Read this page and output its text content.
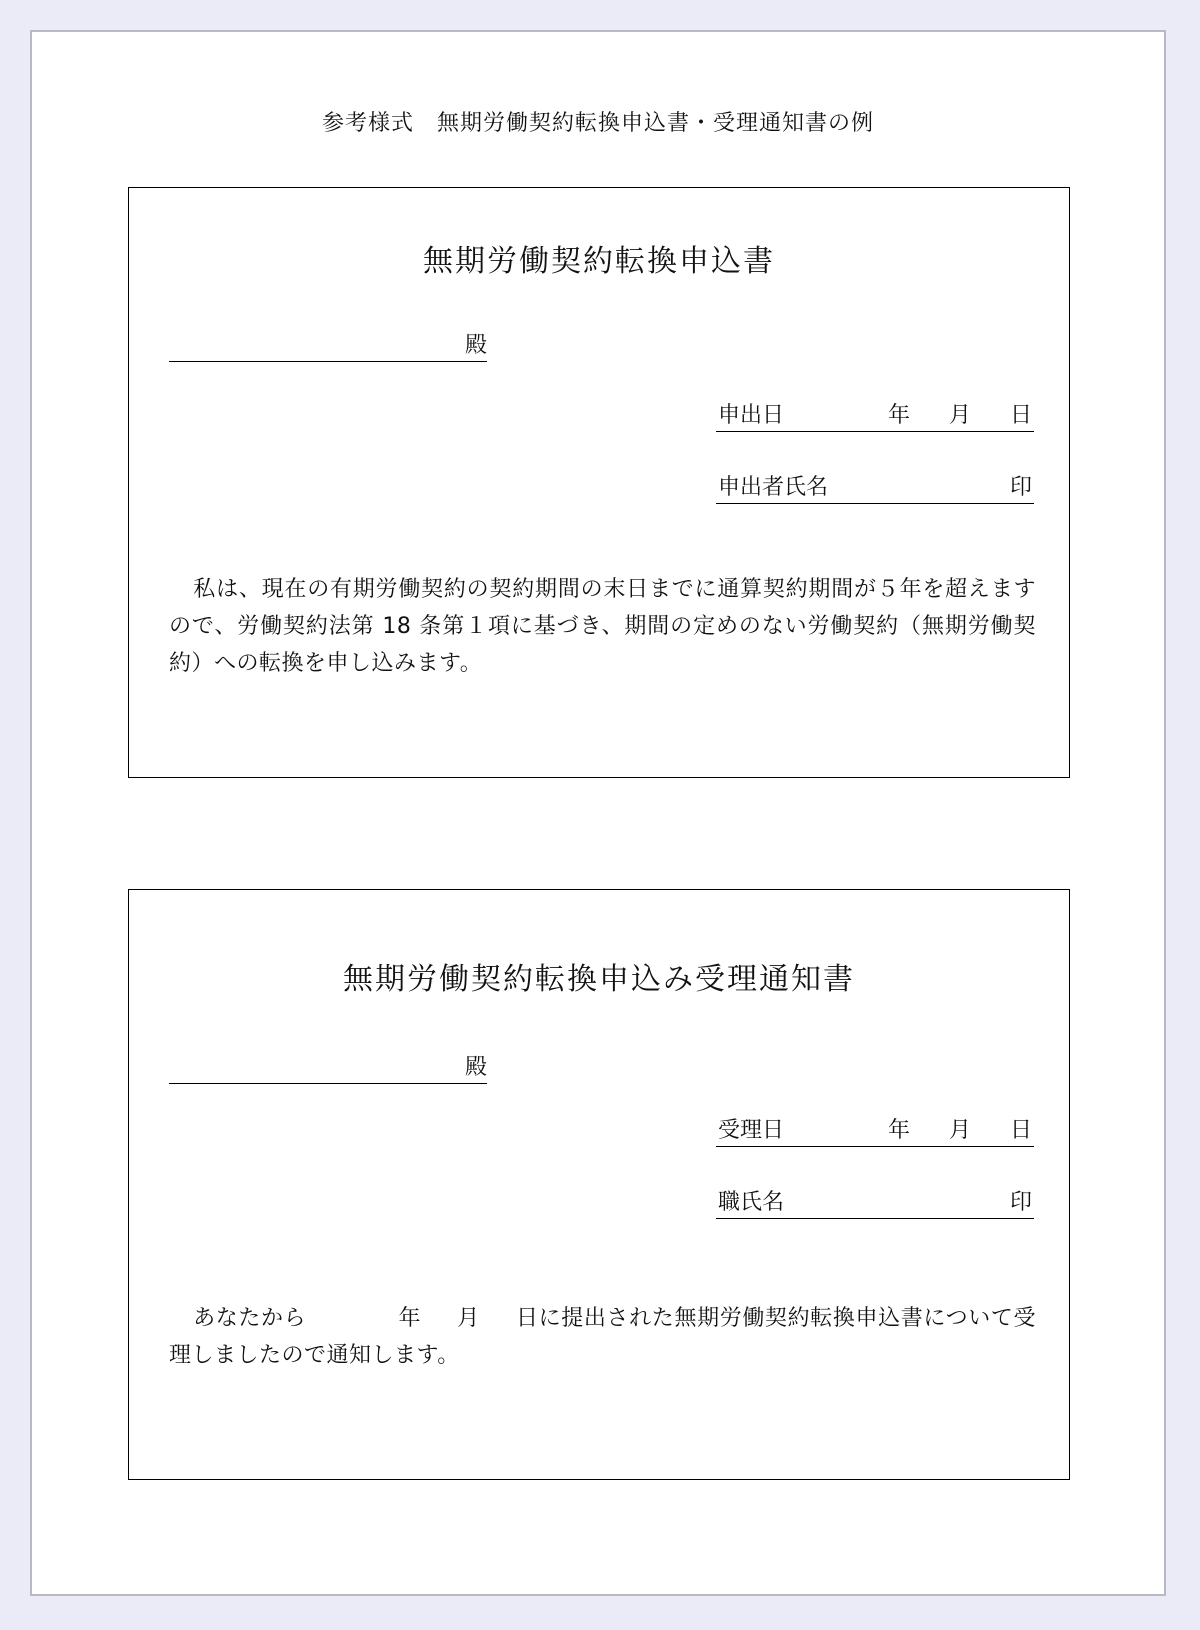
参考様式　無期労働契約転換申込書・受理通知書の例
無期労働契約転換申込書
殿
申出日	年 月 日
申出者氏名	印
私は、現在の有期労働契約の契約期間の末日までに通算契約期間が５年を超えますので、労働契約法第 18 条第１項に基づき、期間の定めのない労働契約（無期労働契約）への転換を申し込みます。
無期労働契約転換申込み受理通知書
殿
受理日	年 月 日
職氏名	印
あなたから	年 月 日に提出された無期労働契約転換申込書について受理しましたので通知します。
